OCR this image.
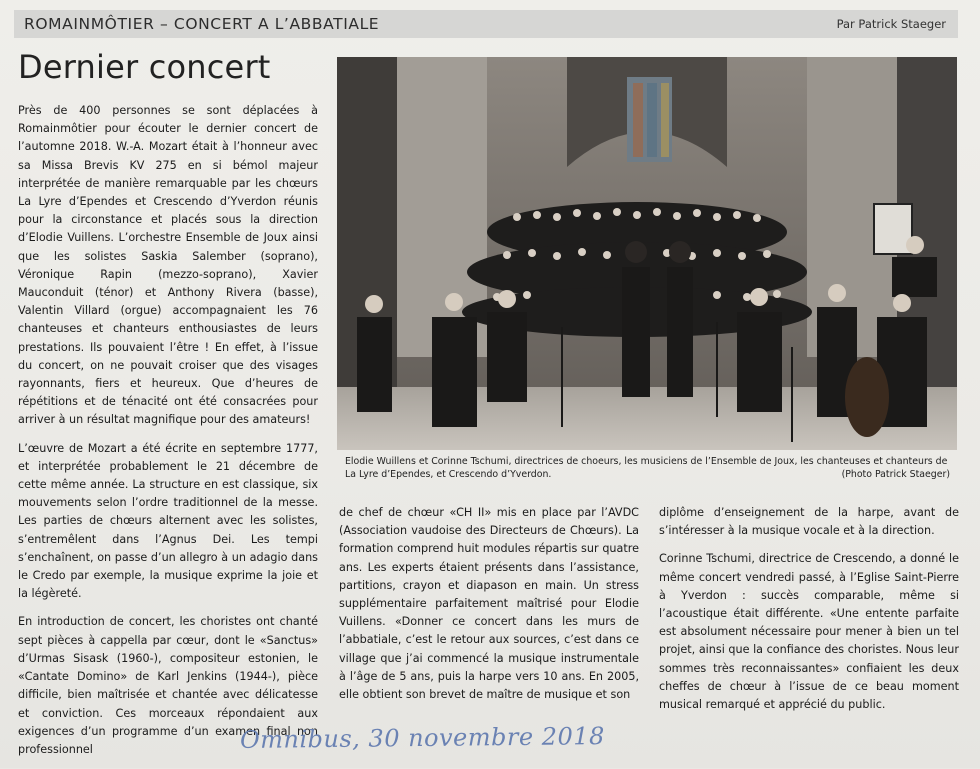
ROMAINMÔTIER – CONCERT A L’ABBATIALE	Par Patrick Staeger
Dernier concert

Près de 400 personnes se sont déplacées à Romainmôtier pour écouter le dernier concert de l’automne 2018. W.-A. Mozart était à l’honneur avec sa Missa Brevis KV 275 en si bémol majeur interprétée de manière remarquable par les chœurs La Lyre d’Ependes et Crescendo d’Yverdon réunis pour la circonstance et placés sous la direction d’Elodie Vuillens. L’orchestre Ensemble de Joux ainsi que les solistes Saskia Salember (soprano), Véronique Rapin (mezzo-soprano), Xavier Mauconduit (ténor) et Anthony Rivera (basse), Valentin Villard (orgue) accompagnaient les 76 chanteuses et chanteurs enthousiastes de leurs prestations. Ils pouvaient l’être ! En effet, à l’issue du concert, on ne pouvait croiser que des visages rayonnants, fiers et heureux. Que d’heures de répétitions et de ténacité ont été consacrées pour arriver à un résultat magnifique pour des amateurs!

L’œuvre de Mozart a été écrite en septembre 1777, et interprétée probablement le 21 décembre de cette même année. La structure en est classique, six mouvements selon l’ordre traditionnel de la messe. Les parties de chœurs alternent avec les solistes, s’entremêlent dans l’Agnus Dei. Les tempi s’enchaînent, on passe d’un allegro à un adagio dans le Credo par exemple, la musique exprime la joie et la légèreté.

En introduction de concert, les choristes ont chanté sept pièces à cappella par cœur, dont le «Sanctus» d’Urmas Sisask (1960-), compositeur estonien, le «Cantate Domino» de Karl Jenkins (1944-), pièce difficile, bien maîtrisée et chantée avec délicatesse et conviction. Ces morceaux répondaient aux exigences d’un programme d’un examen final non professionnel

Elodie Wuillens et Corinne Tschumi, directrices de choeurs, les musiciens de l’Ensemble de Joux, les chanteuses et chanteurs de La Lyre d’Ependes, et Crescendo d’Yverdon.	(Photo Patrick Staeger)

de chef de chœur «CH II» mis en place par l’AVDC (Association vaudoise des Directeurs de Chœurs). La formation comprend huit modules répartis sur quatre ans. Les experts étaient présents dans l’assistance, partitions, crayon et diapason en main. Un stress supplémentaire parfaitement maîtrisé pour Elodie Vuillens. «Donner ce concert dans les murs de l’abbatiale, c’est le retour aux sources, c’est dans ce village que j’ai commencé la musique instrumentale à l’âge de 5 ans, puis la harpe vers 10 ans. En 2005, elle obtient son brevet de maître de musique et son

diplôme d’enseignement de la harpe, avant de s’intéresser à la musique vocale et à la direction.

Corinne Tschumi, directrice de Crescendo, a donné le même concert vendredi passé, à l’Eglise Saint-Pierre à Yverdon : succès comparable, même si l’acoustique était différente. «Une entente parfaite est absolument nécessaire pour mener à bien un tel projet, ainsi que la confiance des choristes. Nous leur sommes très reconnaissantes» confiaient les deux cheffes de chœur à l’issue de ce beau moment musical remarqué et apprécié du public.

Omnibus, 30 novembre 2018
